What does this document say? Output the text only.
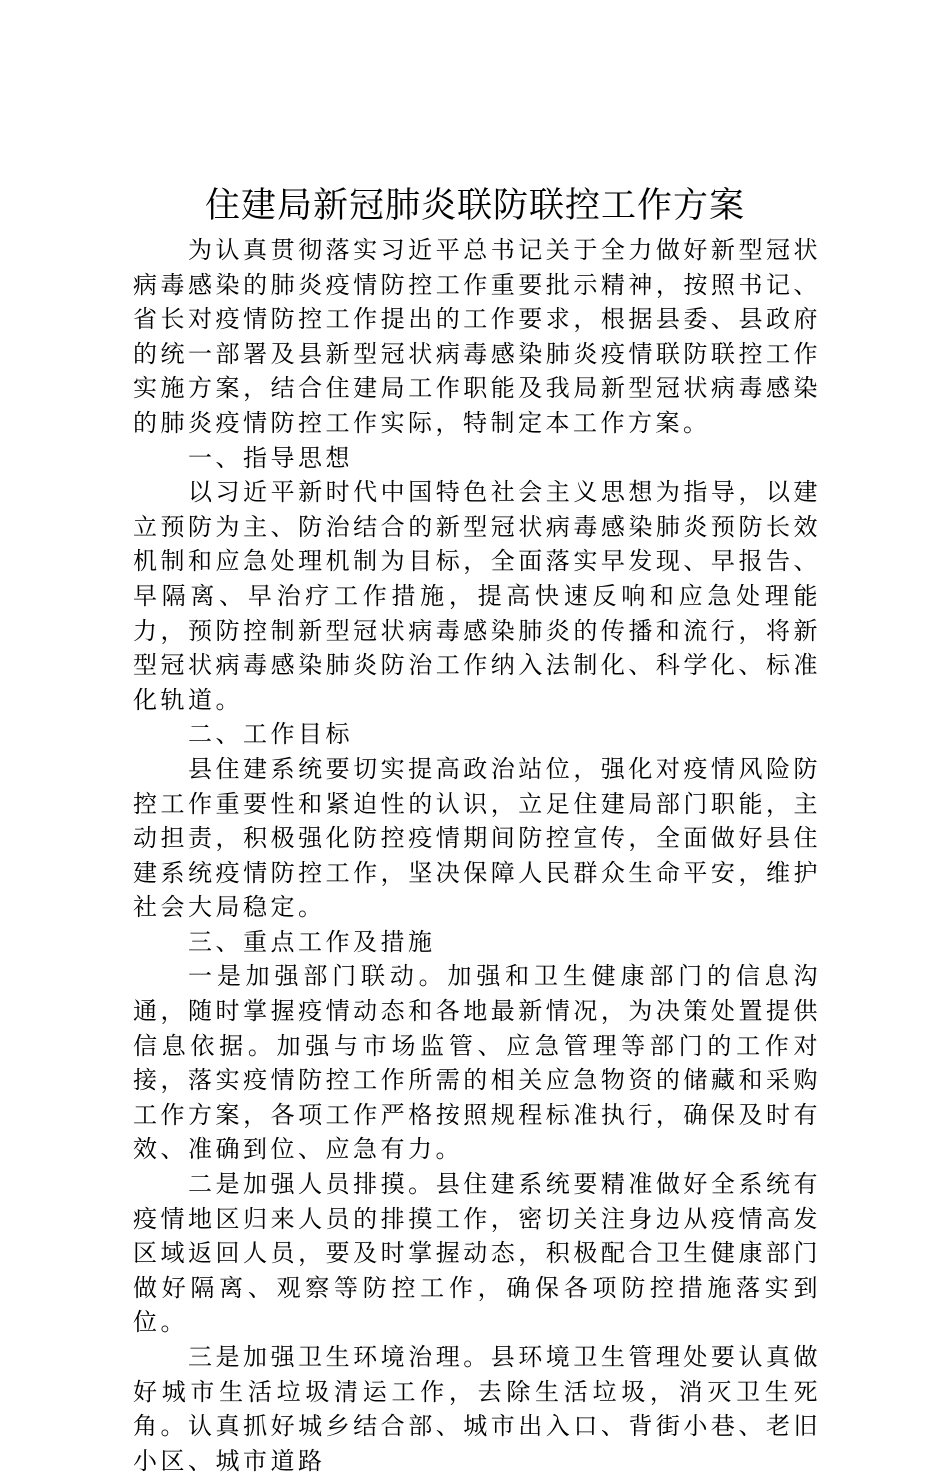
住建局新冠肺炎联防联控工作方案

为认真贯彻落实习近平总书记关于全力做好新型冠状病毒感染的肺炎疫情防控工作重要批示精神，按照书记、省长对疫情防控工作提出的工作要求，根据县委、县政府的统一部署及县新型冠状病毒感染肺炎疫情联防联控工作实施方案，结合住建局工作职能及我局新型冠状病毒感染的肺炎疫情防控工作实际，特制定本工作方案。

一、指导思想

以习近平新时代中国特色社会主义思想为指导，以建立预防为主、防治结合的新型冠状病毒感染肺炎预防长效机制和应急处理机制为目标，全面落实早发现、早报告、早隔离、早治疗工作措施，提高快速反响和应急处理能力，预防控制新型冠状病毒感染肺炎的传播和流行，将新型冠状病毒感染肺炎防治工作纳入法制化、科学化、标准化轨道。

二、工作目标

县住建系统要切实提高政治站位，强化对疫情风险防控工作重要性和紧迫性的认识，立足住建局部门职能，主动担责，积极强化防控疫情期间防控宣传，全面做好县住建系统疫情防控工作，坚决保障人民群众生命平安，维护社会大局稳定。

三、重点工作及措施

一是加强部门联动。加强和卫生健康部门的信息沟通，随时掌握疫情动态和各地最新情况，为决策处置提供信息依据。加强与市场监管、应急管理等部门的工作对接，落实疫情防控工作所需的相关应急物资的储藏和采购工作方案，各项工作严格按照规程标准执行，确保及时有效、准确到位、应急有力。

二是加强人员排摸。县住建系统要精准做好全系统有疫情地区归来人员的排摸工作，密切关注身边从疫情高发区域返回人员，要及时掌握动态，积极配合卫生健康部门做好隔离、观察等防控工作，确保各项防控措施落实到位。

三是加强卫生环境治理。县环境卫生管理处要认真做好城市生活垃圾清运工作，去除生活垃圾，消灭卫生死角。认真抓好城乡结合部、城市出入口、背街小巷、老旧小区、城市道路
